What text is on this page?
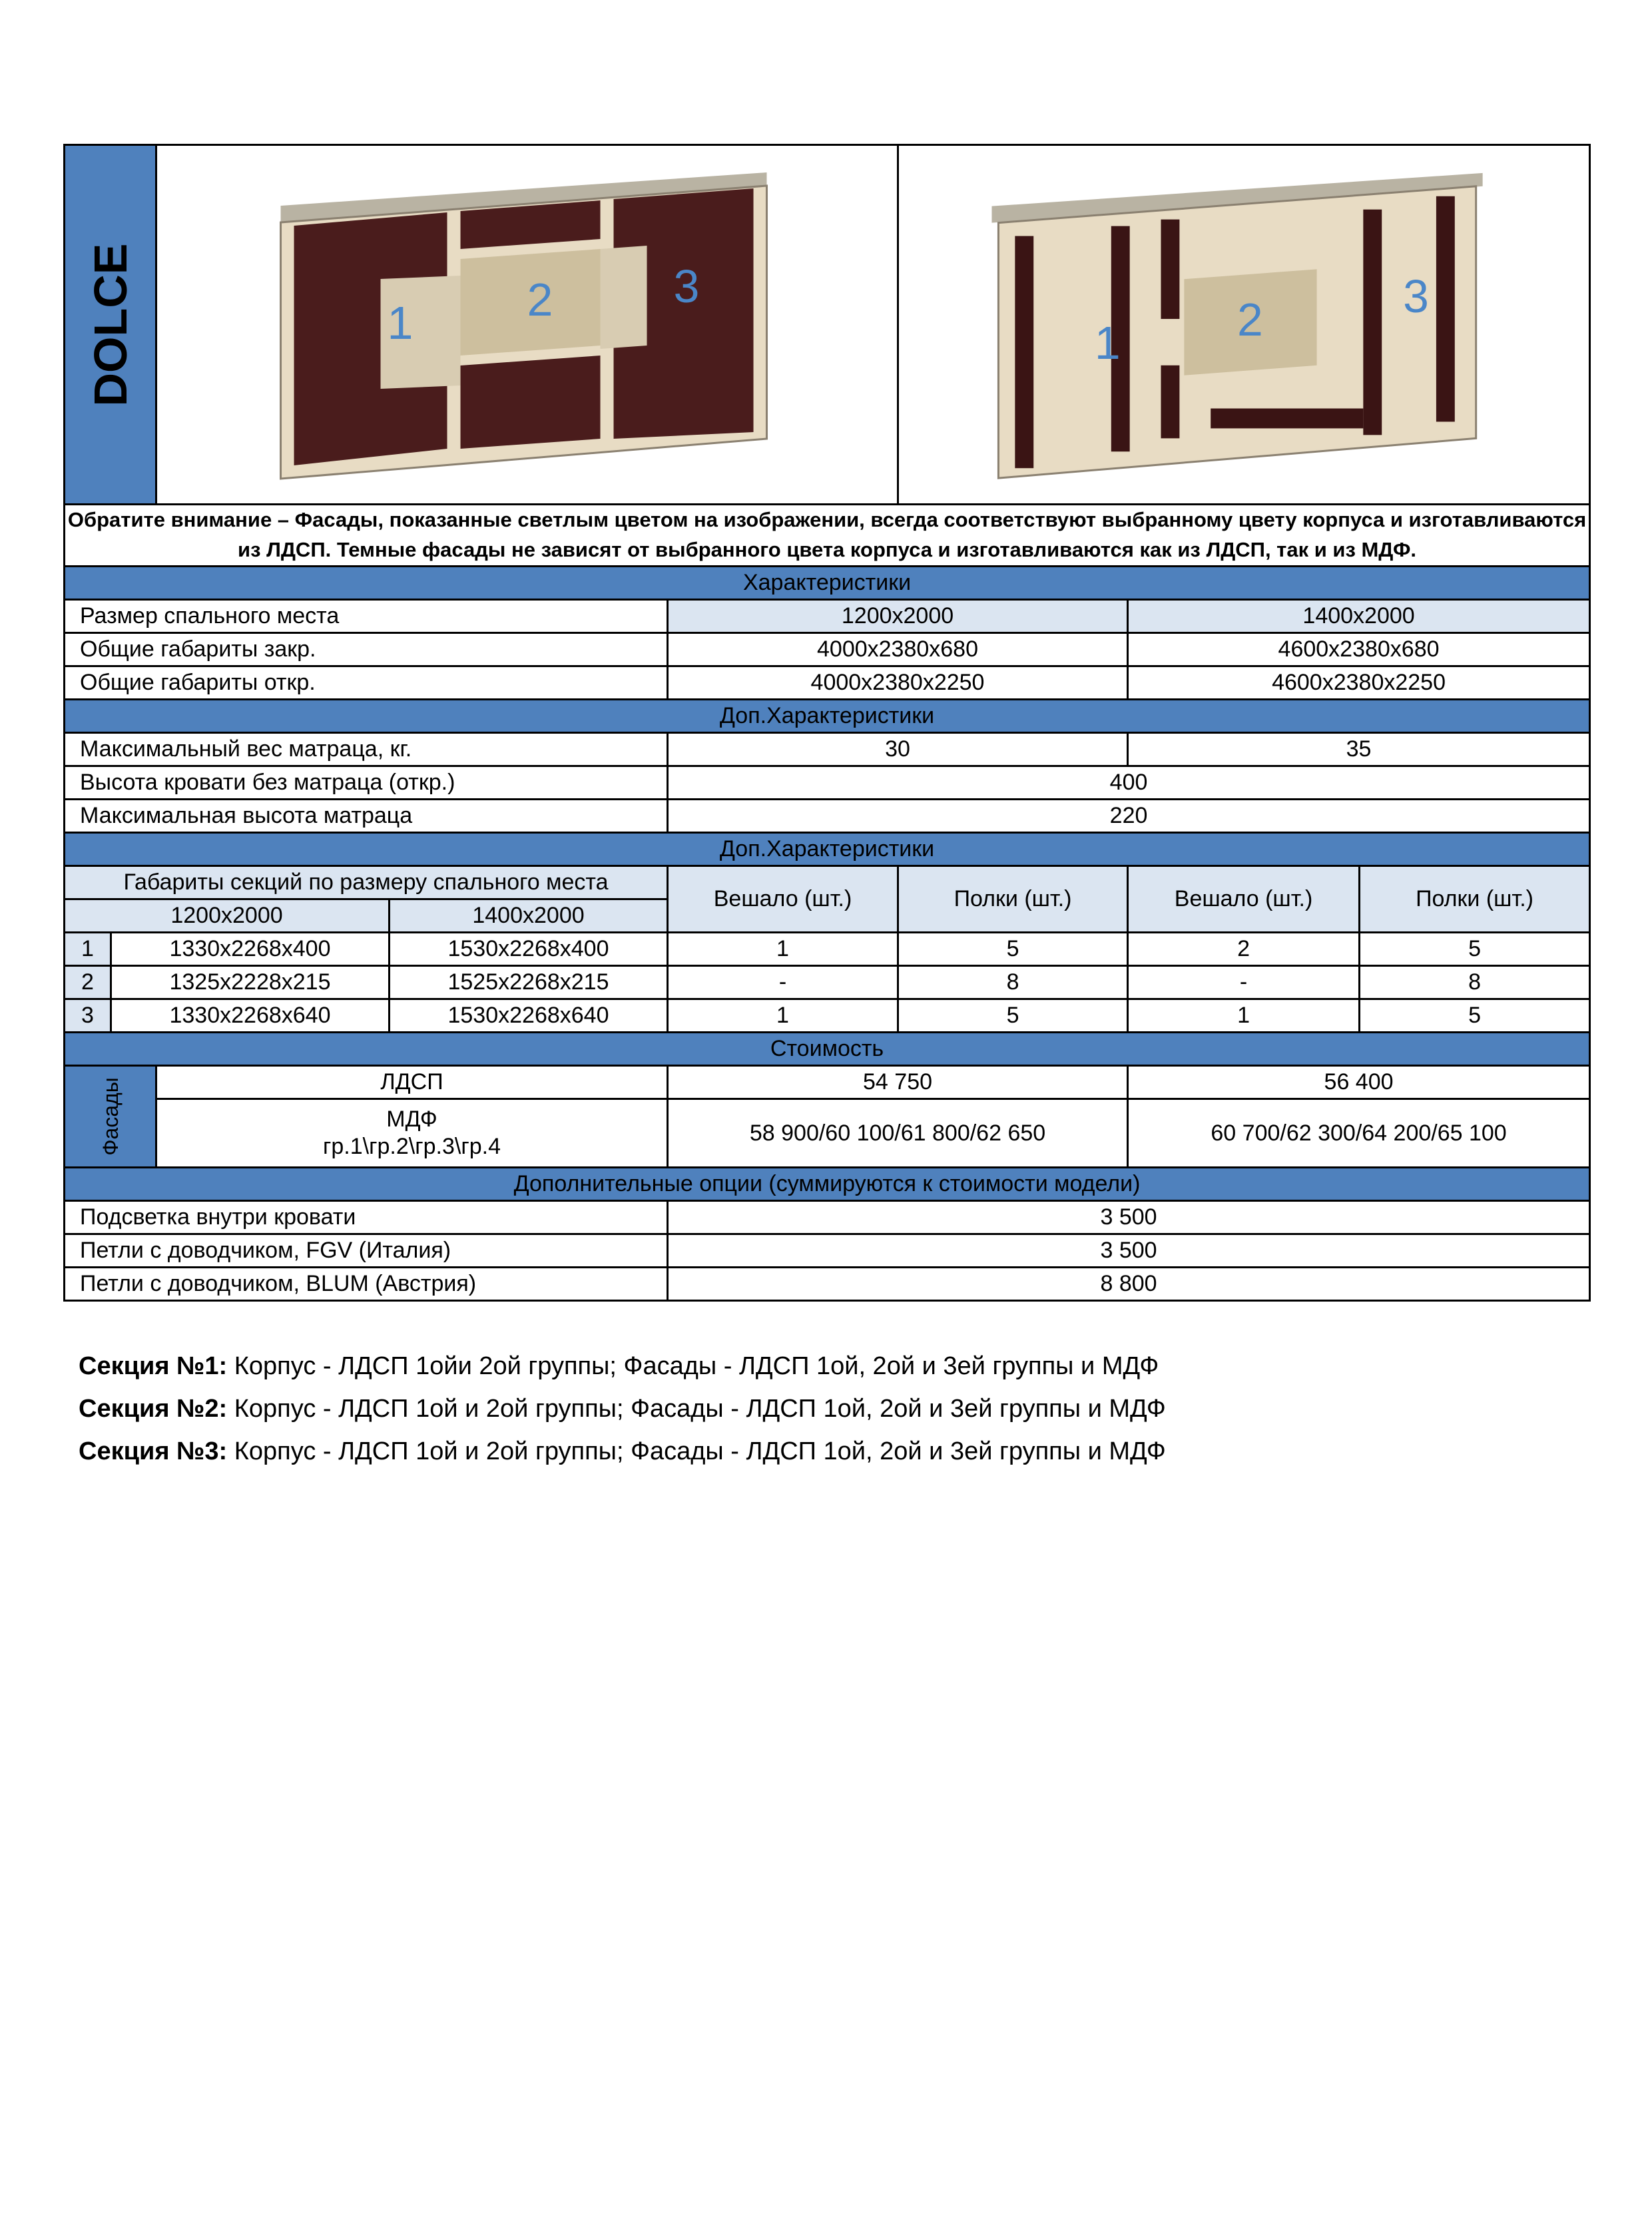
DOLCE		1 2 3			1 2 3		

Обратите внимание – Фасады, показанные светлым цветом на изображении, всегда соответствуют выбранному цвету корпуса и изготавливаются из ЛДСП. Темные фасады не зависят от выбранного цвета корпуса и изготавливаются как из ЛДСП, так и из МДФ.							
Характеристики							
Размер спального места				1200x2000		1400x2000	
Общие габариты закр.				4000x2380x680		4600x2380x680	
Общие габариты откр.				4000x2380x2250		4600x2380x2250	
Доп.Характеристики							
Максимальный вес матраца, кг.				30		35	
Высота кровати без матраца (откр.)				400			
Максимальная высота матраца				220			
Доп.Характеристики							
Габариты секций по размеру спального места				Вешало (шт.)	Полки (шт.)	Вешало (шт.)	Полки (шт.)
1200x2000			1400x2000				
1	1330x2268x400		1530x2268x400	1	5	2	5
2	1325x2228x215		1525x2268x215	-	8	-	8
3	1330x2268x640		1530x2268x640	1	5	1	5
Стоимость							

Фасады		ЛДСП		54 750		56 400	

		МДФ
гр.1\гр.2\гр.3\гр.4		58 900/60 100/61 800/62 650		60 700/62 300/64 200/65 100	
Дополнительные опции (суммируются к стоимости модели)							
Подсветка внутри кровати				3 500			
Петли с доводчиком, FGV (Италия)				3 500			
Петли с доводчиком, BLUM (Австрия)				8 800			
Секция №1: Корпус - ЛДСП 1ойи 2ой группы; Фасады - ЛДСП 1ой, 2ой и 3ей группы и МДФ
Секция №2: Корпус - ЛДСП 1ой и 2ой группы; Фасады - ЛДСП 1ой, 2ой и 3ей группы и МДФ
Секция №3: Корпус - ЛДСП 1ой и 2ой группы; Фасады - ЛДСП 1ой, 2ой и 3ей группы и МДФ
